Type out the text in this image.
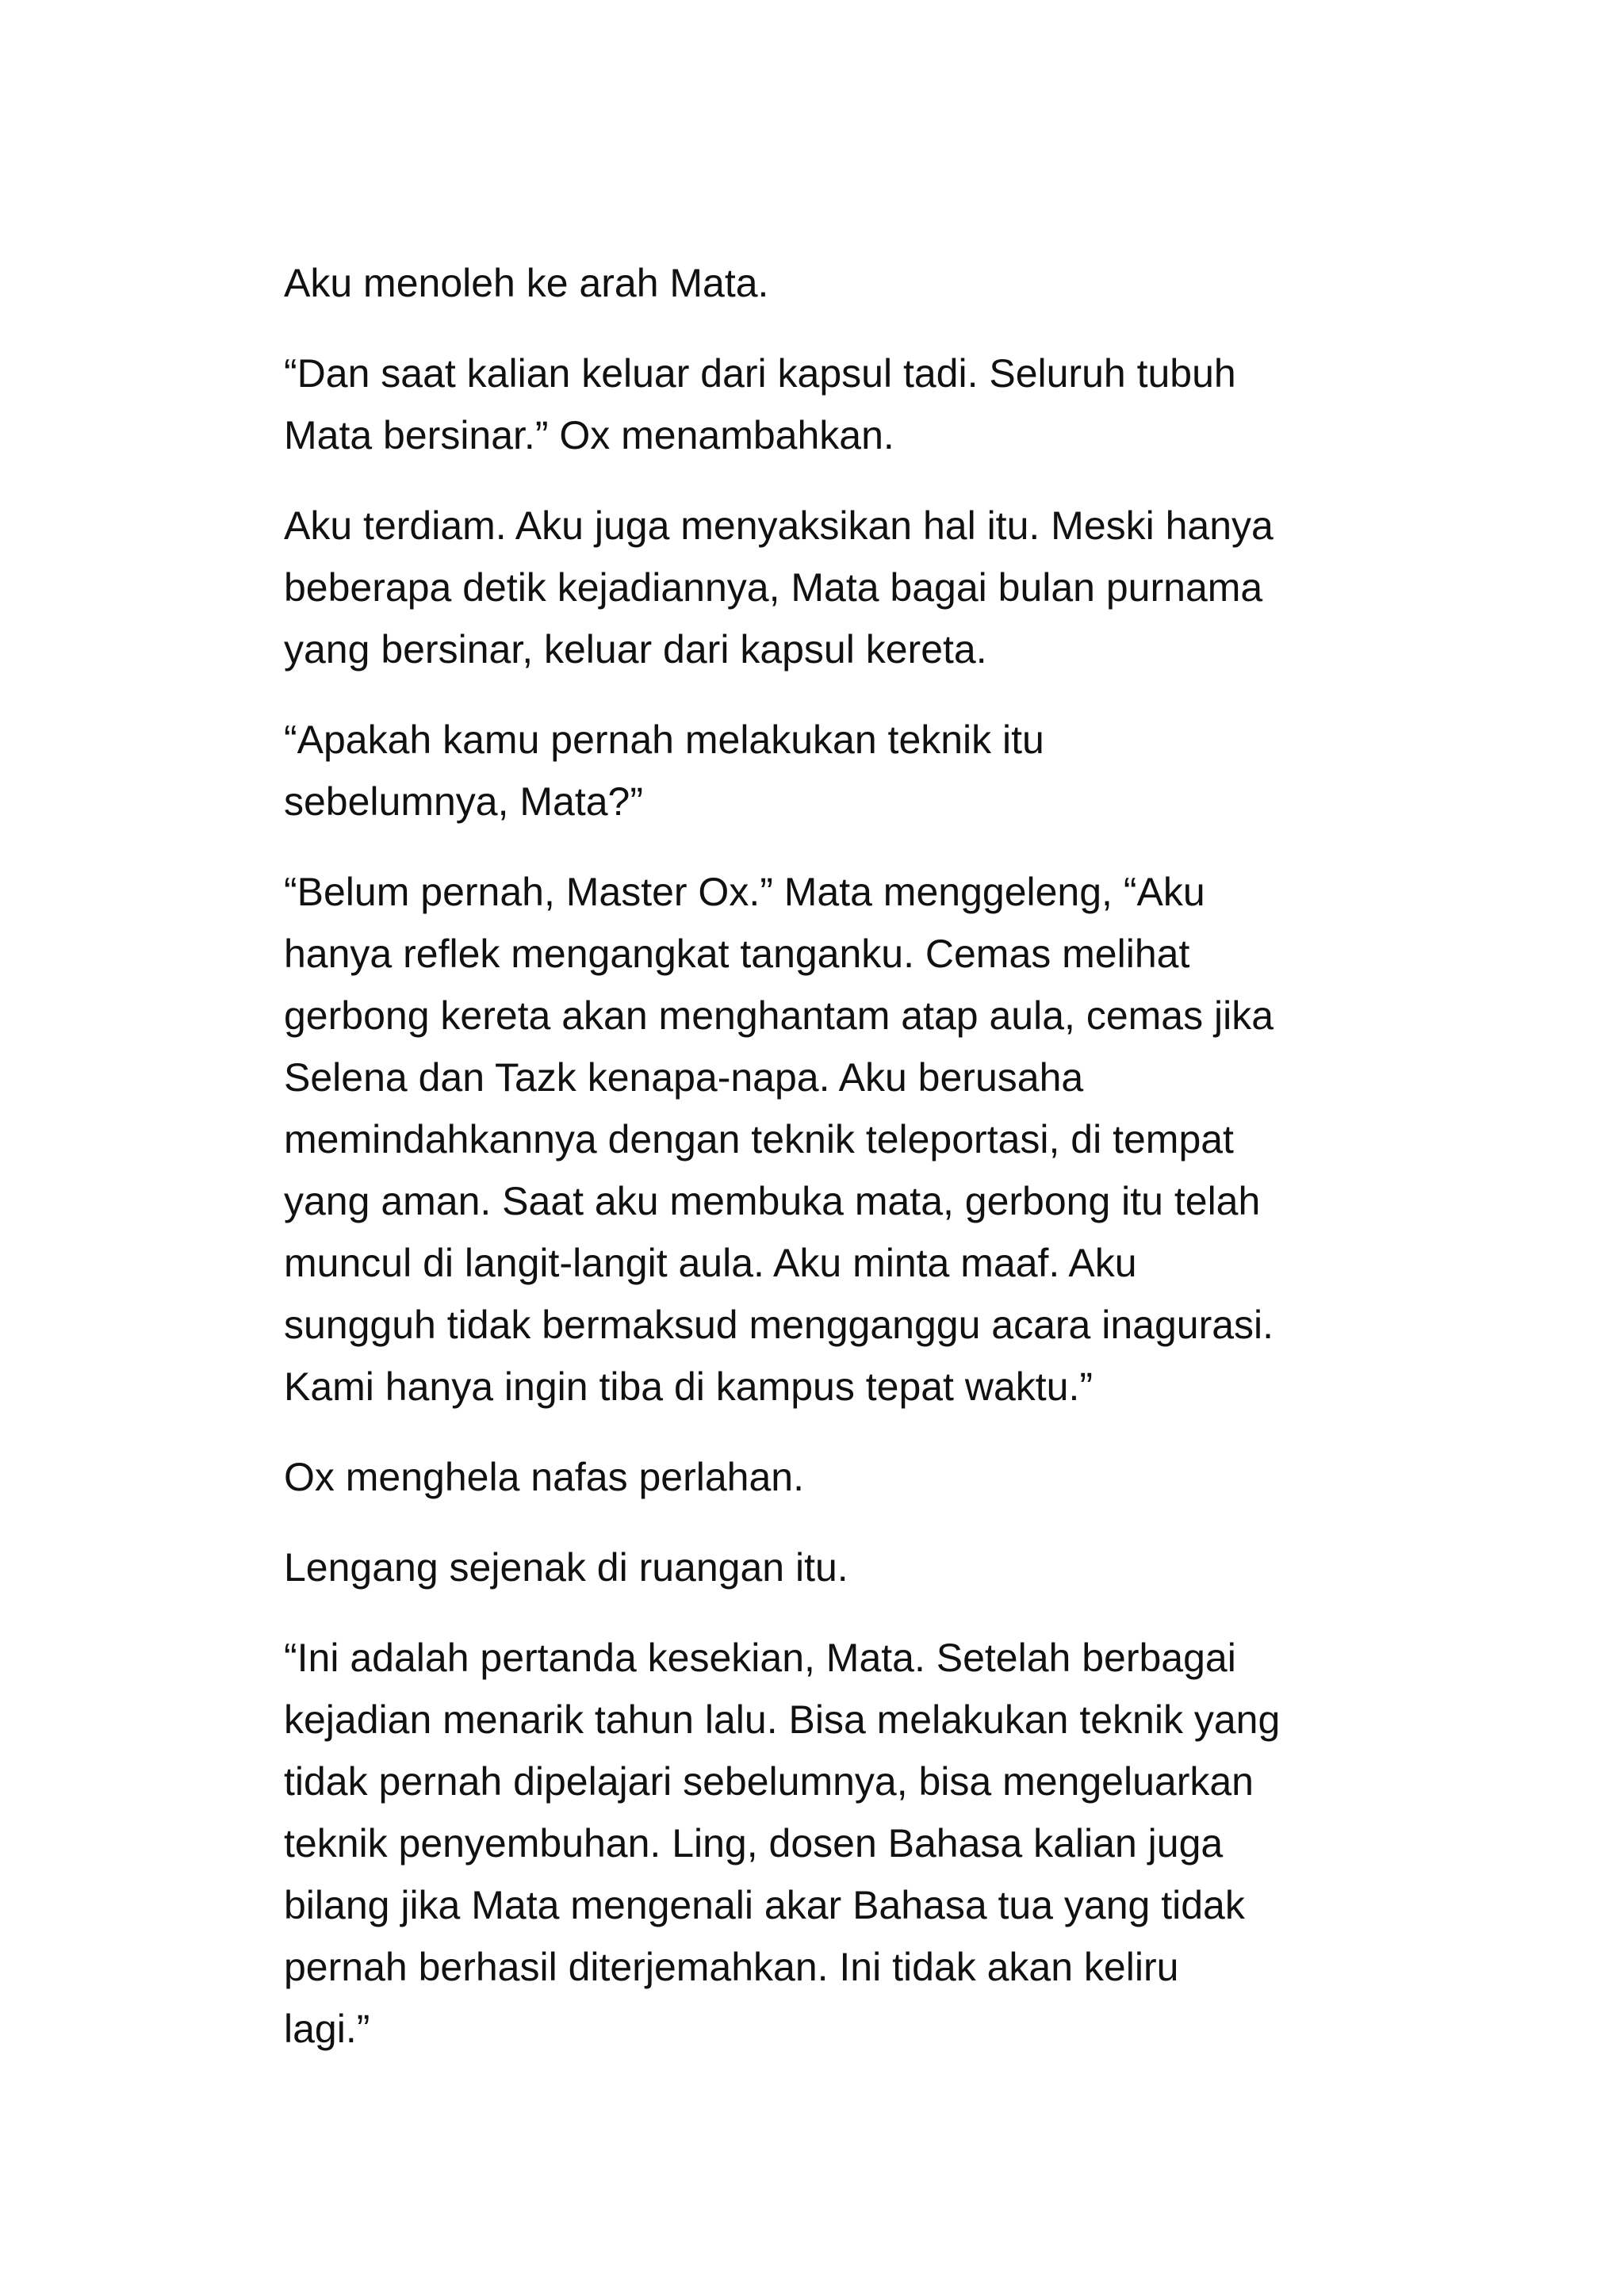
Aku menoleh ke arah Mata.

“Dan saat kalian keluar dari kapsul tadi. Seluruh tubuh
Mata bersinar.” Ox menambahkan.

Aku terdiam. Aku juga menyaksikan hal itu. Meski hanya
beberapa detik kejadiannya, Mata bagai bulan purnama
yang bersinar, keluar dari kapsul kereta.

“Apakah kamu pernah melakukan teknik itu
sebelumnya, Mata?”

“Belum pernah, Master Ox.” Mata menggeleng, “Aku
hanya reflek mengangkat tanganku. Cemas melihat
gerbong kereta akan menghantam atap aula, cemas jika
Selena dan Tazk kenapa-napa. Aku berusaha
memindahkannya dengan teknik teleportasi, di tempat
yang aman. Saat aku membuka mata, gerbong itu telah
muncul di langit-langit aula. Aku minta maaf. Aku
sungguh tidak bermaksud mengganggu acara inagurasi.
Kami hanya ingin tiba di kampus tepat waktu.”

Ox menghela nafas perlahan.

Lengang sejenak di ruangan itu.

“Ini adalah pertanda kesekian, Mata. Setelah berbagai
kejadian menarik tahun lalu. Bisa melakukan teknik yang
tidak pernah dipelajari sebelumnya, bisa mengeluarkan
teknik penyembuhan. Ling, dosen Bahasa kalian juga
bilang jika Mata mengenali akar Bahasa tua yang tidak
pernah berhasil diterjemahkan. Ini tidak akan keliru
lagi.”
